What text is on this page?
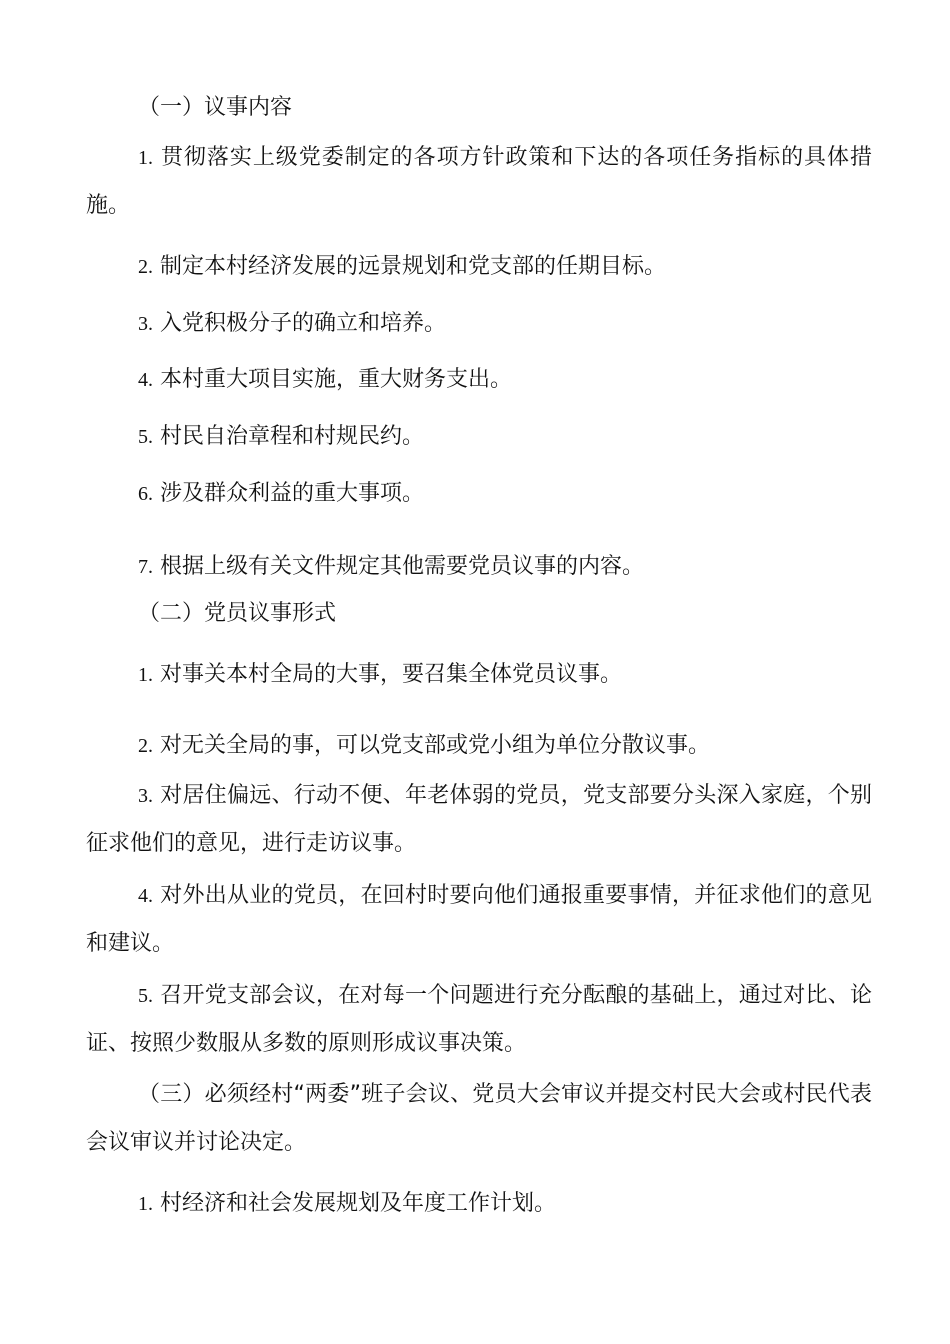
（一）议事内容

1. 贯彻落实上级党委制定的各项方针政策和下达的各项任务指标的具体措施。

2. 制定本村经济发展的远景规划和党支部的任期目标。

3. 入党积极分子的确立和培养。

4. 本村重大项目实施，重大财务支出。

5. 村民自治章程和村规民约。

6. 涉及群众利益的重大事项。

7. 根据上级有关文件规定其他需要党员议事的内容。

（二）党员议事形式

1. 对事关本村全局的大事，要召集全体党员议事。

2. 对无关全局的事，可以党支部或党小组为单位分散议事。

3. 对居住偏远、行动不便、年老体弱的党员，党支部要分头深入家庭，个别征求他们的意见，进行走访议事。

4. 对外出从业的党员，在回村时要向他们通报重要事情，并征求他们的意见和建议。

5. 召开党支部会议，在对每一个问题进行充分酝酿的基础上，通过对比、论证、按照少数服从多数的原则形成议事决策。

（三）必须经村“两委”班子会议、党员大会审议并提交村民大会或村民代表会议审议并讨论决定。

1. 村经济和社会发展规划及年度工作计划。
